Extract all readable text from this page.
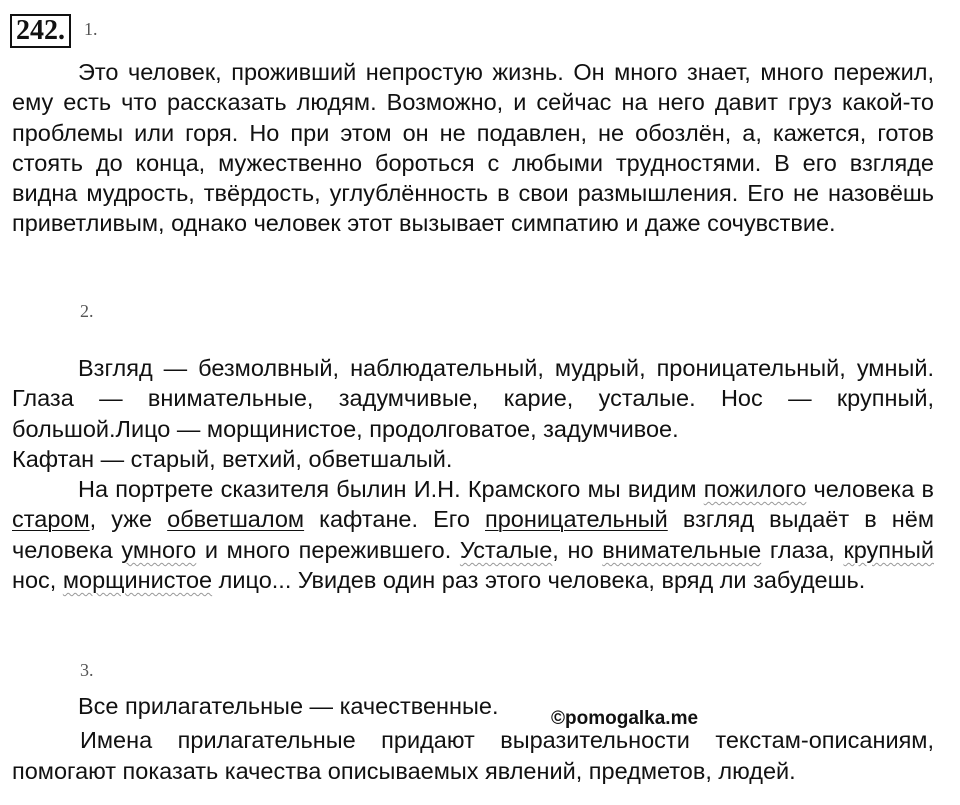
242.	1.

Это человек, проживший непростую жизнь. Он много знает, много пережил, ему есть что рассказать людям. Возможно, и сейчас на него давит груз какой-то проблемы или горя. Но при этом он не подавлен, не обозлён, а, кажется, готов стоять до конца, мужественно бороться с любыми трудностями. В его взгляде видна мудрость, твёрдость, углублённость в свои размышления. Его не назовёшь приветливым, однако человек этот вызывает симпатию и даже сочувствие.

2.

Взгляд — безмолвный, наблюдательный, мудрый, проницательный, умный. Глаза — внимательные, задумчивые, карие, усталые. Нос — крупный, большой.Лицо — морщинистое, продолговатое, задумчивое.

Кафтан — старый, ветхий, обветшалый.

На портрете сказителя былин И.Н. Крамского мы видим пожилого человека в старом, уже обветшалом кафтане. Его проницательный взгляд выдаёт в нём человека умного и много пережившего. Усталые, но внимательные глаза, крупный нос, морщинистое лицо... Увидев один раз этого человека, вряд ли забудешь.

3.

Все прилагательные — качественные.

Имена прилагательные придают выразительности текстам-описаниям, помогают показать качества описываемых явлений, предметов, людей.

©pomogalka.me
